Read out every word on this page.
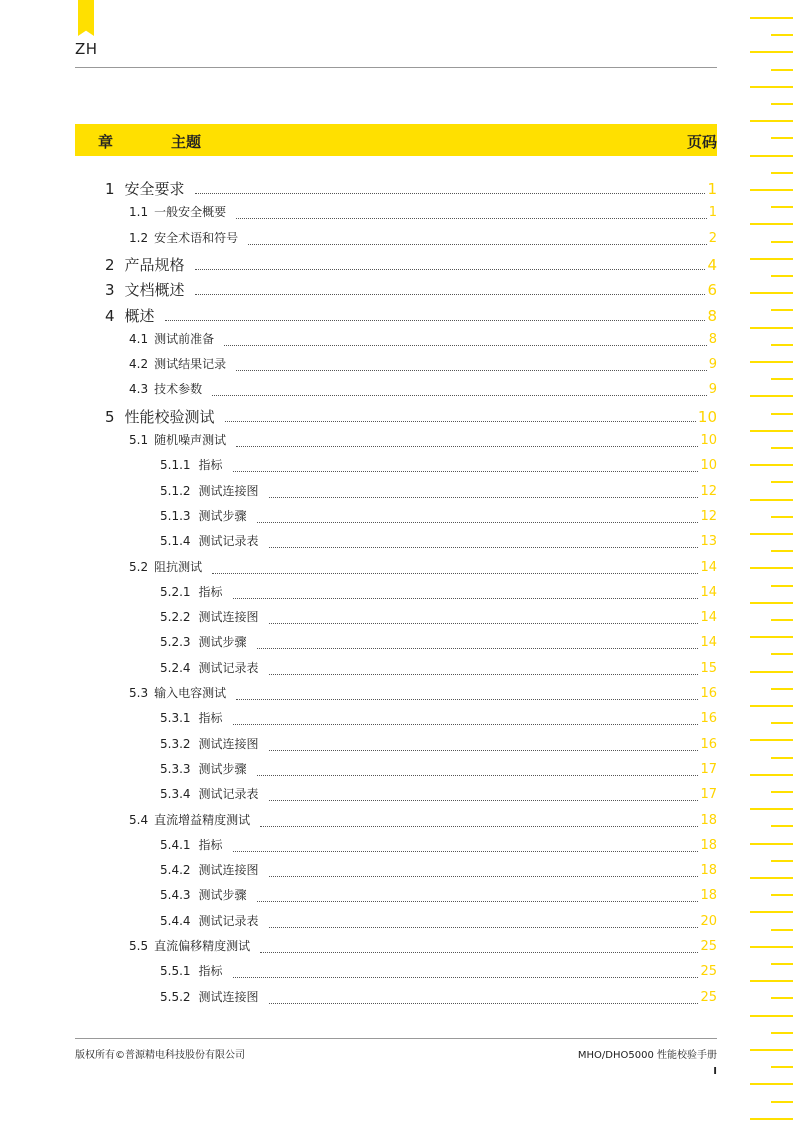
ZH
章	主题	页码
1 安全要求	1
1.1 一般安全概要	1
1.2 安全术语和符号	2
2 产品规格	4
3 文档概述	6
4 概述	8
4.1 测试前准备	8
4.2 测试结果记录	9
4.3 技术参数	9
5 性能校验测试	10
5.1 随机噪声测试	10
5.1.1 指标	10
5.1.2 测试连接图	12
5.1.3 测试步骤	12
5.1.4 测试记录表	13
5.2 阻抗测试	14
5.2.1 指标	14
5.2.2 测试连接图	14
5.2.3 测试步骤	14
5.2.4 测试记录表	15
5.3 输入电容测试	16
5.3.1 指标	16
5.3.2 测试连接图	16
5.3.3 测试步骤	17
5.3.4 测试记录表	17
5.4 直流增益精度测试	18
5.4.1 指标	18
5.4.2 测试连接图	18
5.4.3 测试步骤	18
5.4.4 测试记录表	20
5.5 直流偏移精度测试	25
5.5.1 指标	25
5.5.2 测试连接图	25
版权所有©普源精电科技股份有限公司	MHO/DHO5000 性能校验手册
I
